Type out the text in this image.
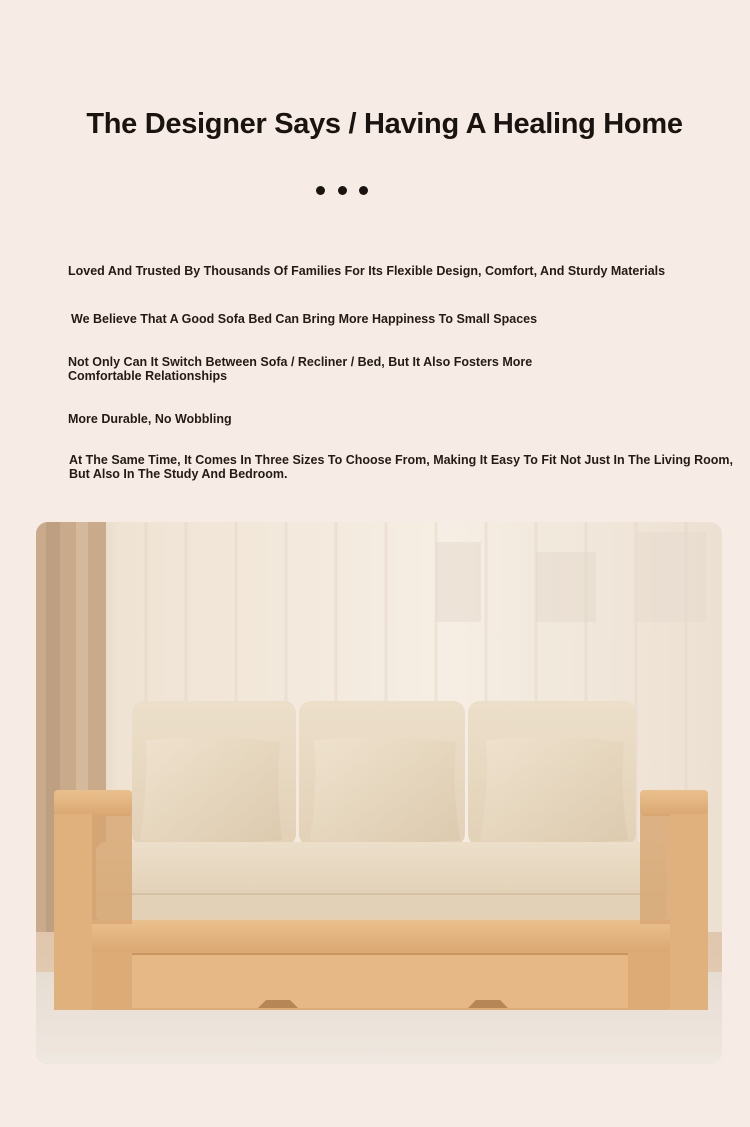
The Designer Says / Having A Healing Home

Loved And Trusted By Thousands Of Families For Its Flexible Design, Comfort, And Sturdy Materials

We Believe That A Good Sofa Bed Can Bring More Happiness To Small Spaces

Not Only Can It Switch Between Sofa / Recliner / Bed, But It Also Fosters More Comfortable Relationships

More Durable, No Wobbling

At The Same Time, It Comes In Three Sizes To Choose From, Making It Easy To Fit Not Just In The Living Room, But Also In The Study And Bedroom.
